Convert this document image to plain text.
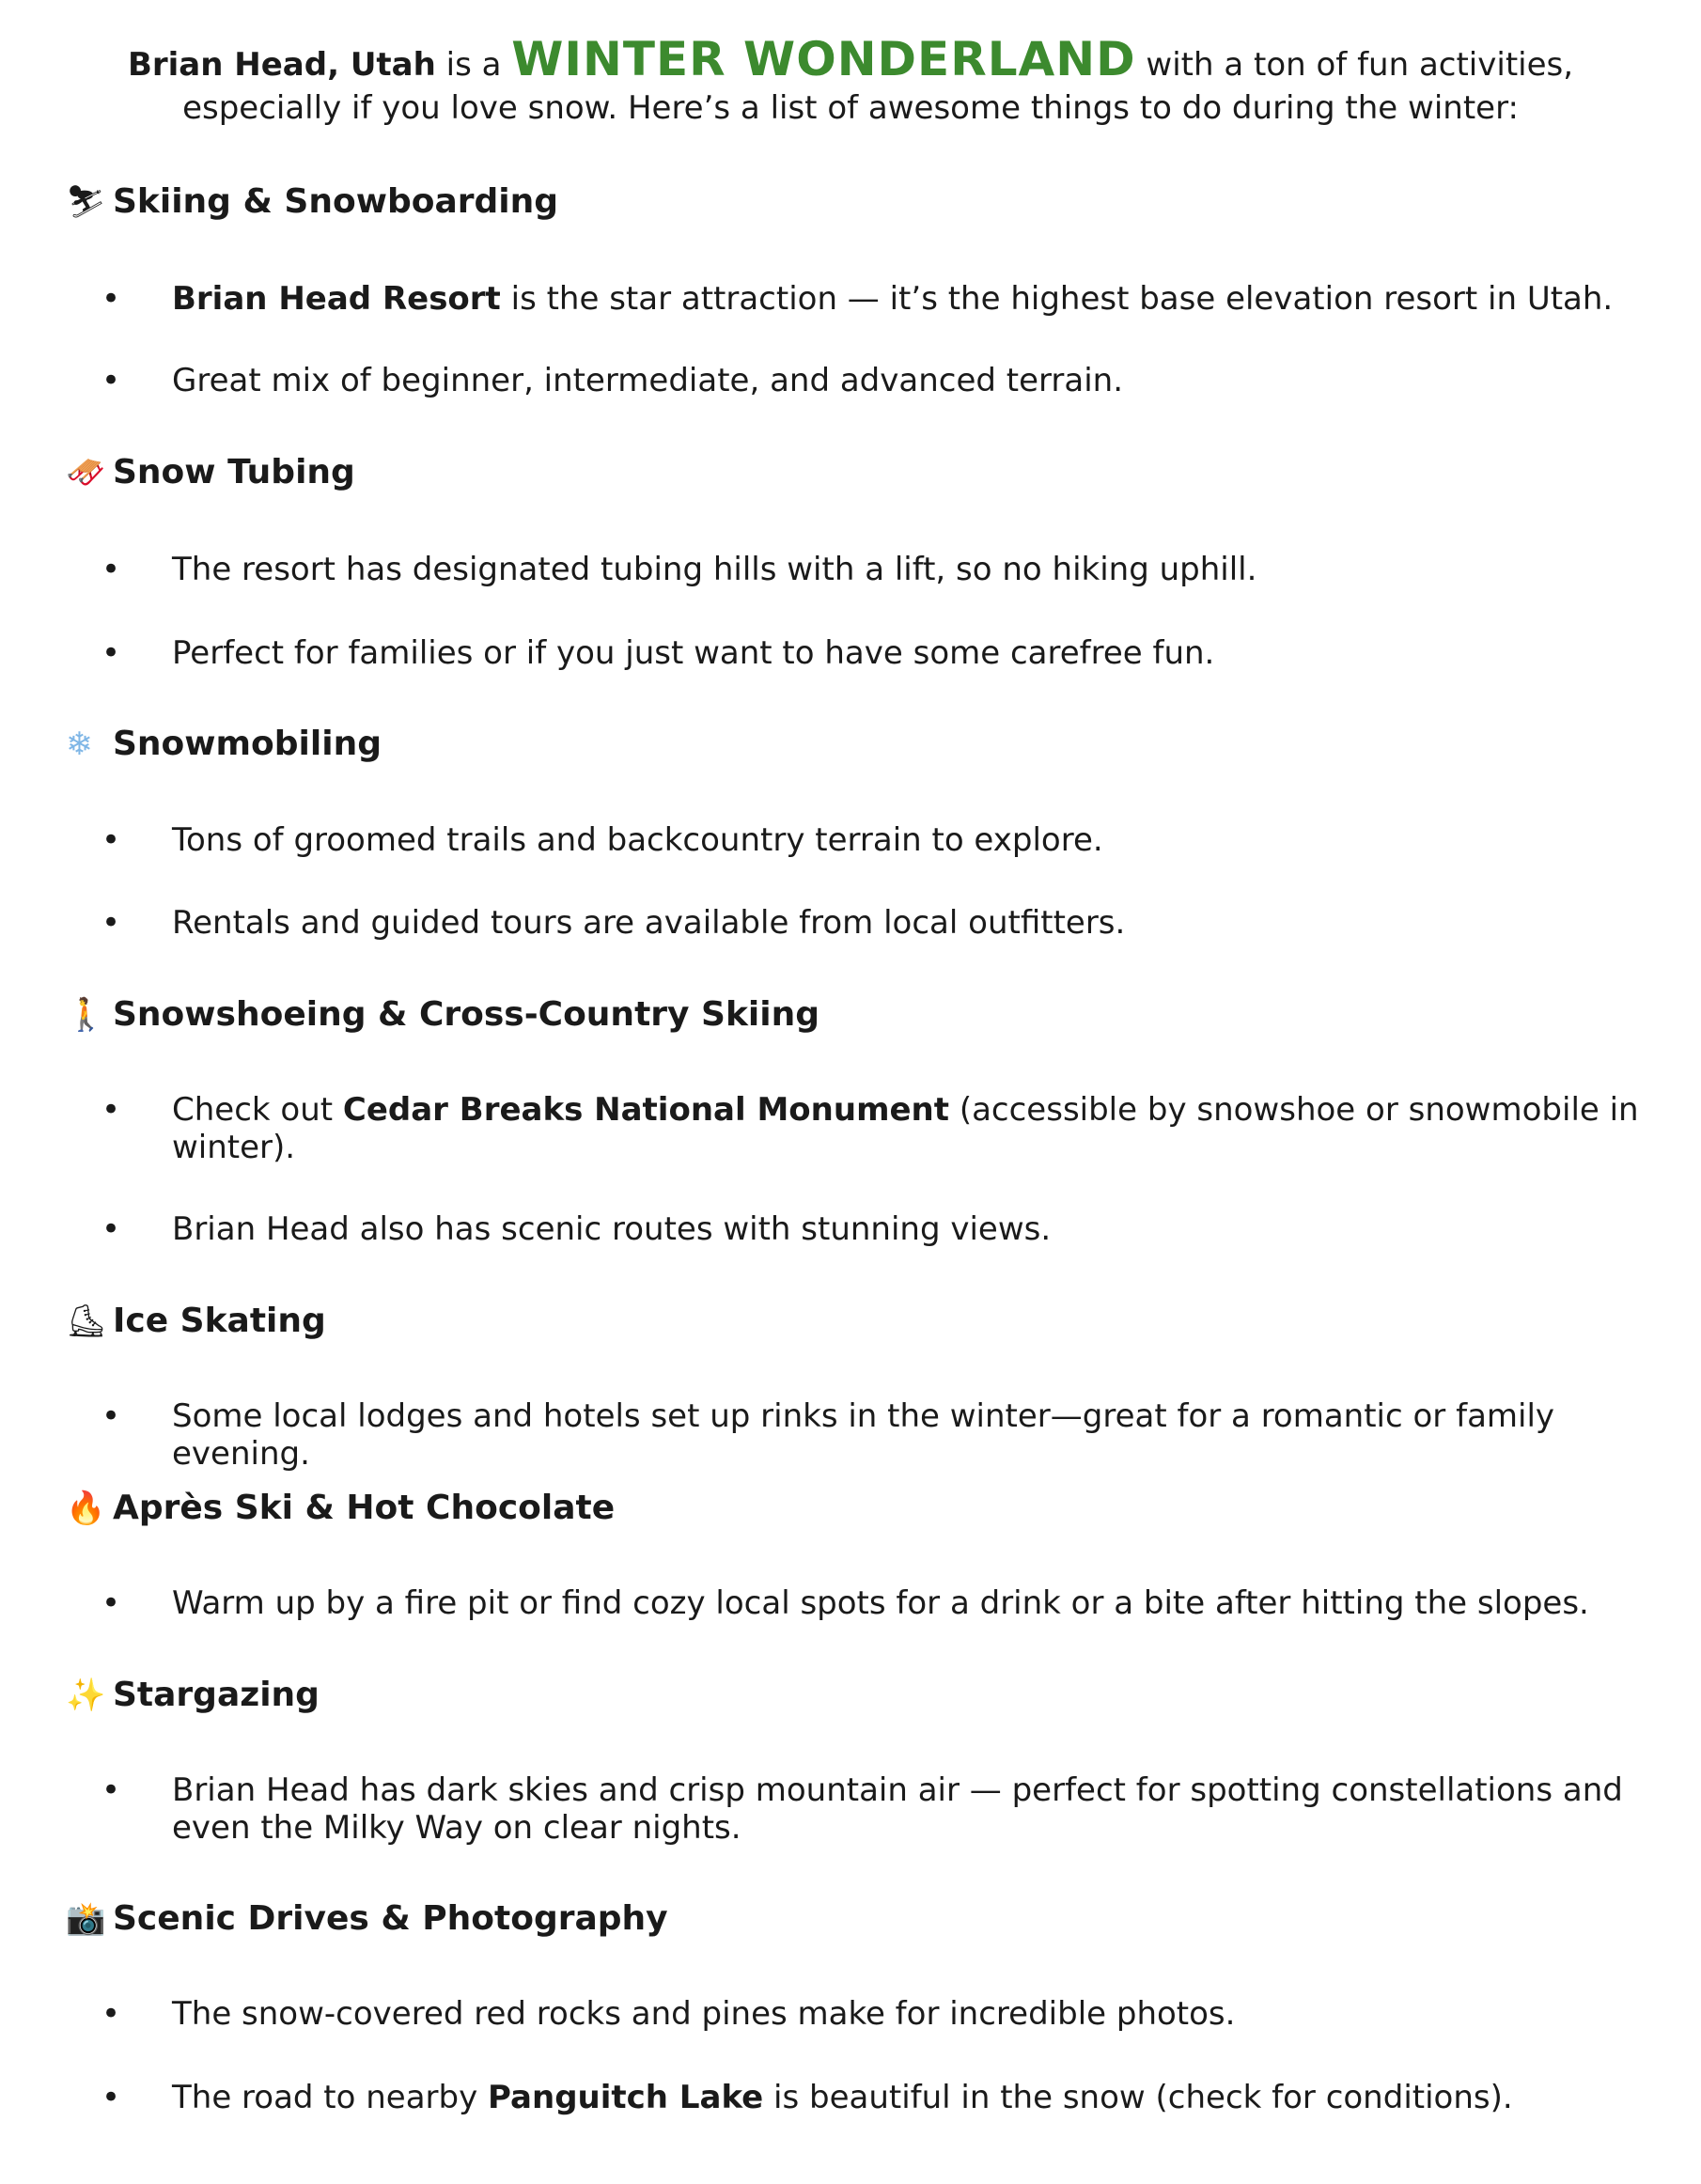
Brian Head, Utah is a WINTER WONDERLAND with a ton of fun activities,
especially if you love snow. Here’s a list of awesome things to do during the winter:
⛷ Skiing & Snowboarding
• Brian Head Resort is the star attraction — it’s the highest base elevation resort in Utah.
• Great mix of beginner, intermediate, and advanced terrain.
🛷 Snow Tubing
• The resort has designated tubing hills with a lift, so no hiking uphill.
• Perfect for families or if you just want to have some carefree fun.
❄ Snowmobiling
• Tons of groomed trails and backcountry terrain to explore.
• Rentals and guided tours are available from local outfitters.
🚶 Snowshoeing & Cross-Country Skiing
• Check out Cedar Breaks National Monument (accessible by snowshoe or snowmobile in winter).
• Brian Head also has scenic routes with stunning views.
⛸ Ice Skating
• Some local lodges and hotels set up rinks in the winter—great for a romantic or family evening.
🔥 Après Ski & Hot Chocolate
• Warm up by a fire pit or find cozy local spots for a drink or a bite after hitting the slopes.
✨ Stargazing
• Brian Head has dark skies and crisp mountain air — perfect for spotting constellations and even the Milky Way on clear nights.
📸 Scenic Drives & Photography
• The snow-covered red rocks and pines make for incredible photos.
• The road to nearby Panguitch Lake is beautiful in the snow (check for conditions).
